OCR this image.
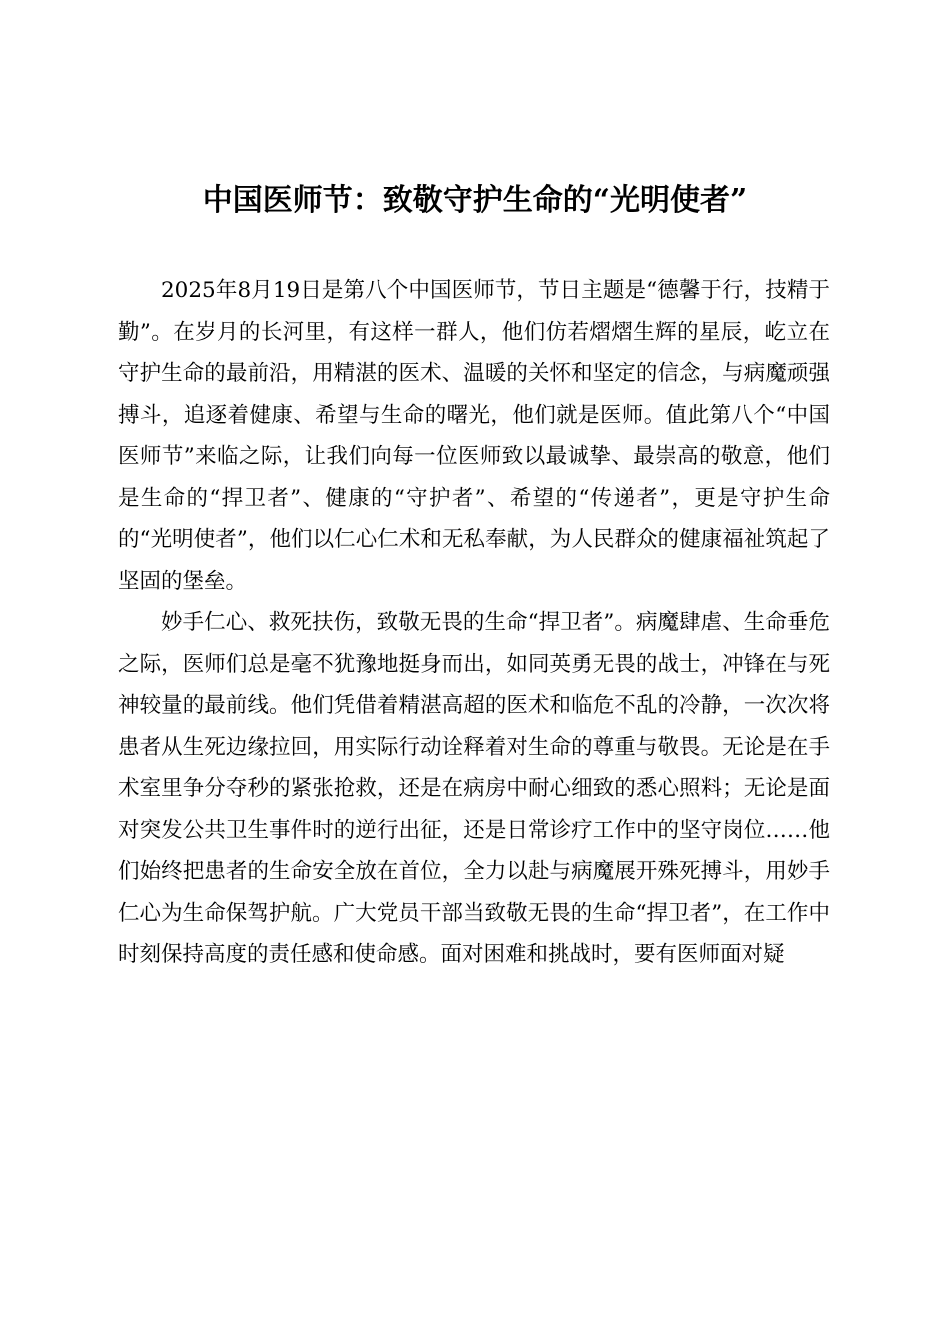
中国医师节：致敬守护生命的“光明使者”

2025年8月19日是第八个中国医师节，节日主题是“德馨于行，技精于勤”。在岁月的长河里，有这样一群人，他们仿若熠熠生辉的星辰，屹立在守护生命的最前沿，用精湛的医术、温暖的关怀和坚定的信念，与病魔顽强搏斗，追逐着健康、希望与生命的曙光，他们就是医师。值此第八个“中国医师节”来临之际，让我们向每一位医师致以最诚挚、最崇高的敬意，他们是生命的“捍卫者”、健康的“守护者”、希望的“传递者”，更是守护生命的“光明使者”，他们以仁心仁术和无私奉献，为人民群众的健康福祉筑起了坚固的堡垒。

妙手仁心、救死扶伤，致敬无畏的生命“捍卫者”。病魔肆虐、生命垂危之际，医师们总是毫不犹豫地挺身而出，如同英勇无畏的战士，冲锋在与死神较量的最前线。他们凭借着精湛高超的医术和临危不乱的冷静，一次次将患者从生死边缘拉回，用实际行动诠释着对生命的尊重与敬畏。无论是在手术室里争分夺秒的紧张抢救，还是在病房中耐心细致的悉心照料；无论是面对突发公共卫生事件时的逆行出征，还是日常诊疗工作中的坚守岗位……他们始终把患者的生命安全放在首位，全力以赴与病魔展开殊死搏斗，用妙手仁心为生命保驾护航。广大党员干部当致敬无畏的生命“捍卫者”，在工作中时刻保持高度的责任感和使命感。面对困难和挑战时，要有医师面对疑
